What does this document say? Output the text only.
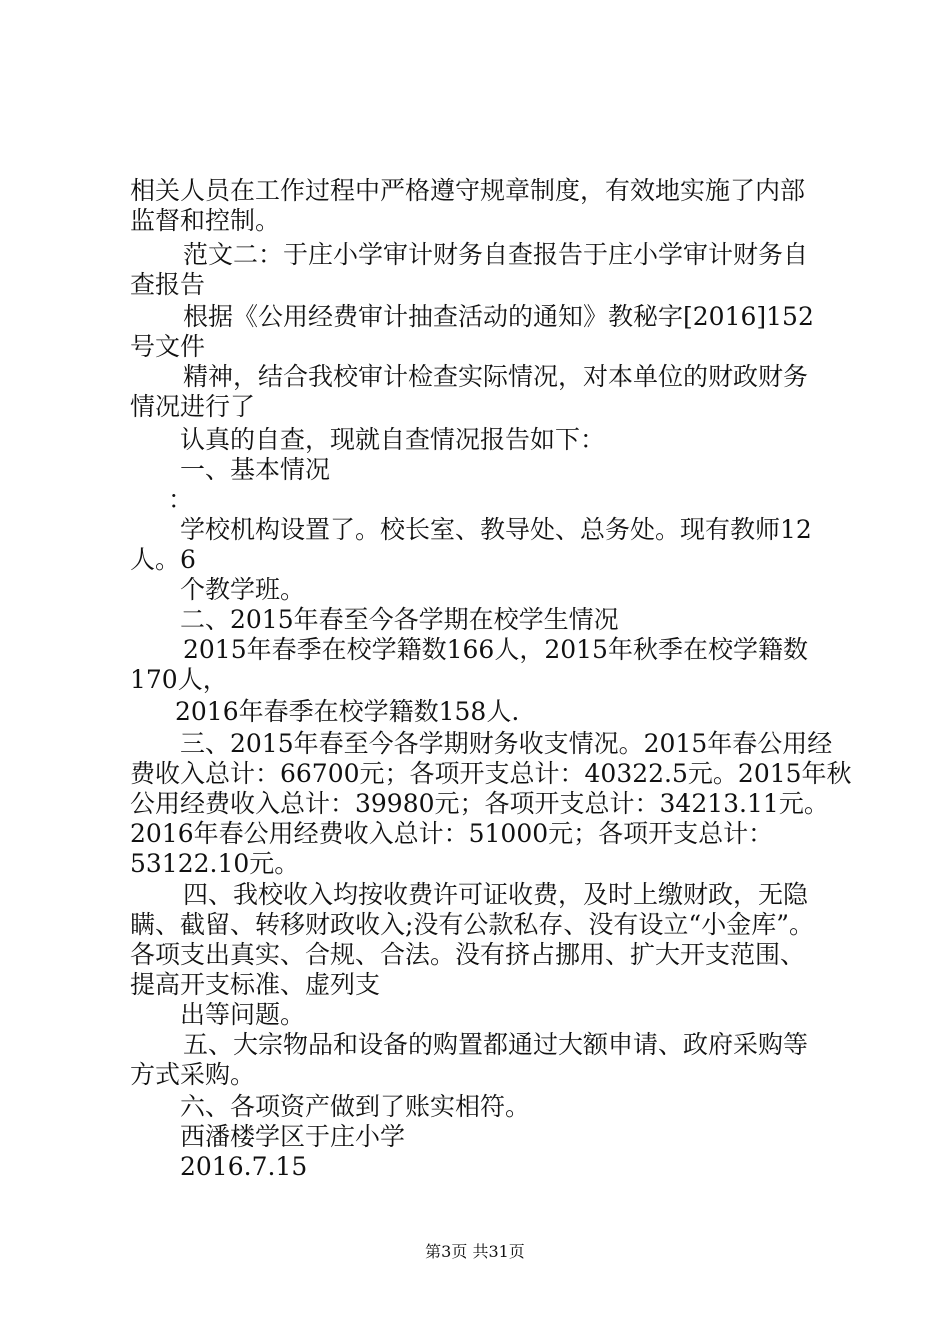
相关人员在工作过程中严格遵守规章制度，有效地实施了内部
监督和控制。
范文二：于庄小学审计财务自查报告于庄小学审计财务自
查报告
根据《公用经费审计抽查活动的通知》教秘字[2016]152
号文件
精神，结合我校审计检查实际情况，对本单位的财政财务
情况进行了
认真的自查，现就自查情况报告如下：
一、基本情况
：
学校机构设置了。校长室、教导处、总务处。现有教师12
人。6
个教学班。
二、2015年春至今各学期在校学生情况
2015年春季在校学籍数166人，2015年秋季在校学籍数
170人，
2016年春季在校学籍数158人.
三、2015年春至今各学期财务收支情况。2015年春公用经
费收入总计：66700元；各项开支总计：40322.5元。2015年秋
公用经费收入总计：39980元；各项开支总计：34213.11元。
2016年春公用经费收入总计：51000元；各项开支总计：
53122.10元。
四、我校收入均按收费许可证收费，及时上缴财政，无隐
瞒、截留、转移财政收入;没有公款私存、没有设立“小金库”。
各项支出真实、合规、合法。没有挤占挪用、扩大开支范围、
提高开支标准、虚列支
出等问题。
五、大宗物品和设备的购置都通过大额申请、政府采购等
方式采购。
六、各项资产做到了账实相符。
西潘楼学区于庄小学
2016.7.15
第3页 共31页
